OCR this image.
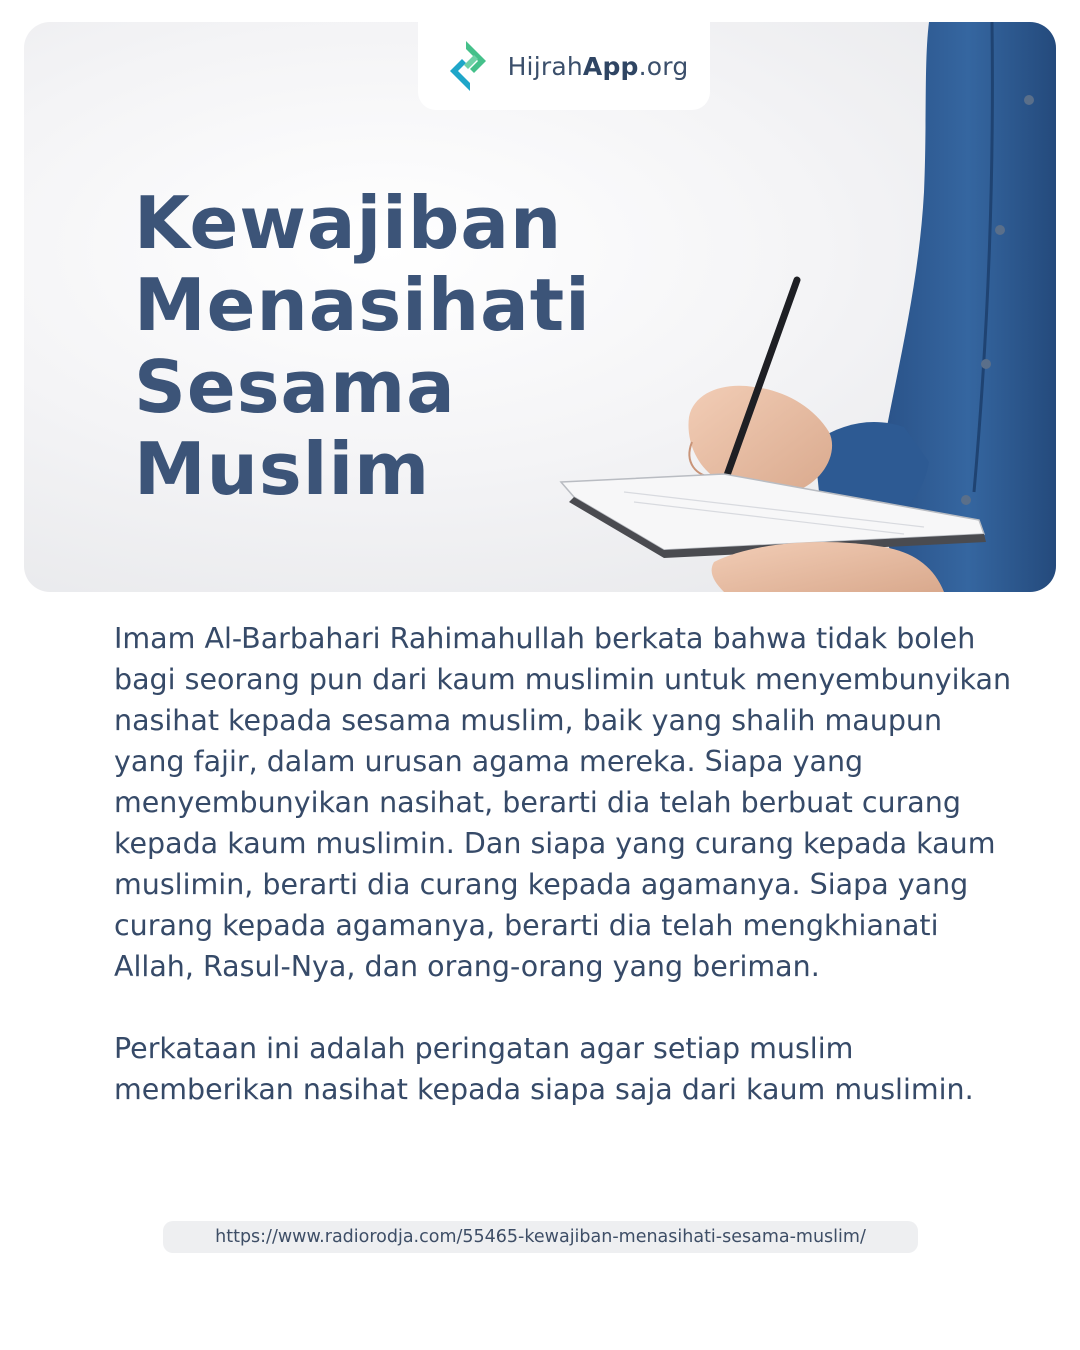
HijrahApp.org
Kewajiban
Menasihati
Sesama
Muslim

Imam Al-Barbahari Rahimahullah berkata bahwa tidak boleh bagi seorang pun dari kaum muslimin untuk menyembunyikan nasihat kepada sesama muslim, baik yang shalih maupun yang fajir, dalam urusan agama mereka. Siapa yang menyembunyikan nasihat, berarti dia telah berbuat curang kepada kaum muslimin. Dan siapa yang curang kepada kaum muslimin, berarti dia curang kepada agamanya. Siapa yang curang kepada agamanya, berarti dia telah mengkhianati Allah, Rasul-Nya, dan orang-orang yang beriman.

Perkataan ini adalah peringatan agar setiap muslim memberikan nasihat kepada siapa saja dari kaum muslimin.

https://www.radiorodja.com/55465-kewajiban-menasihati-sesama-muslim/
